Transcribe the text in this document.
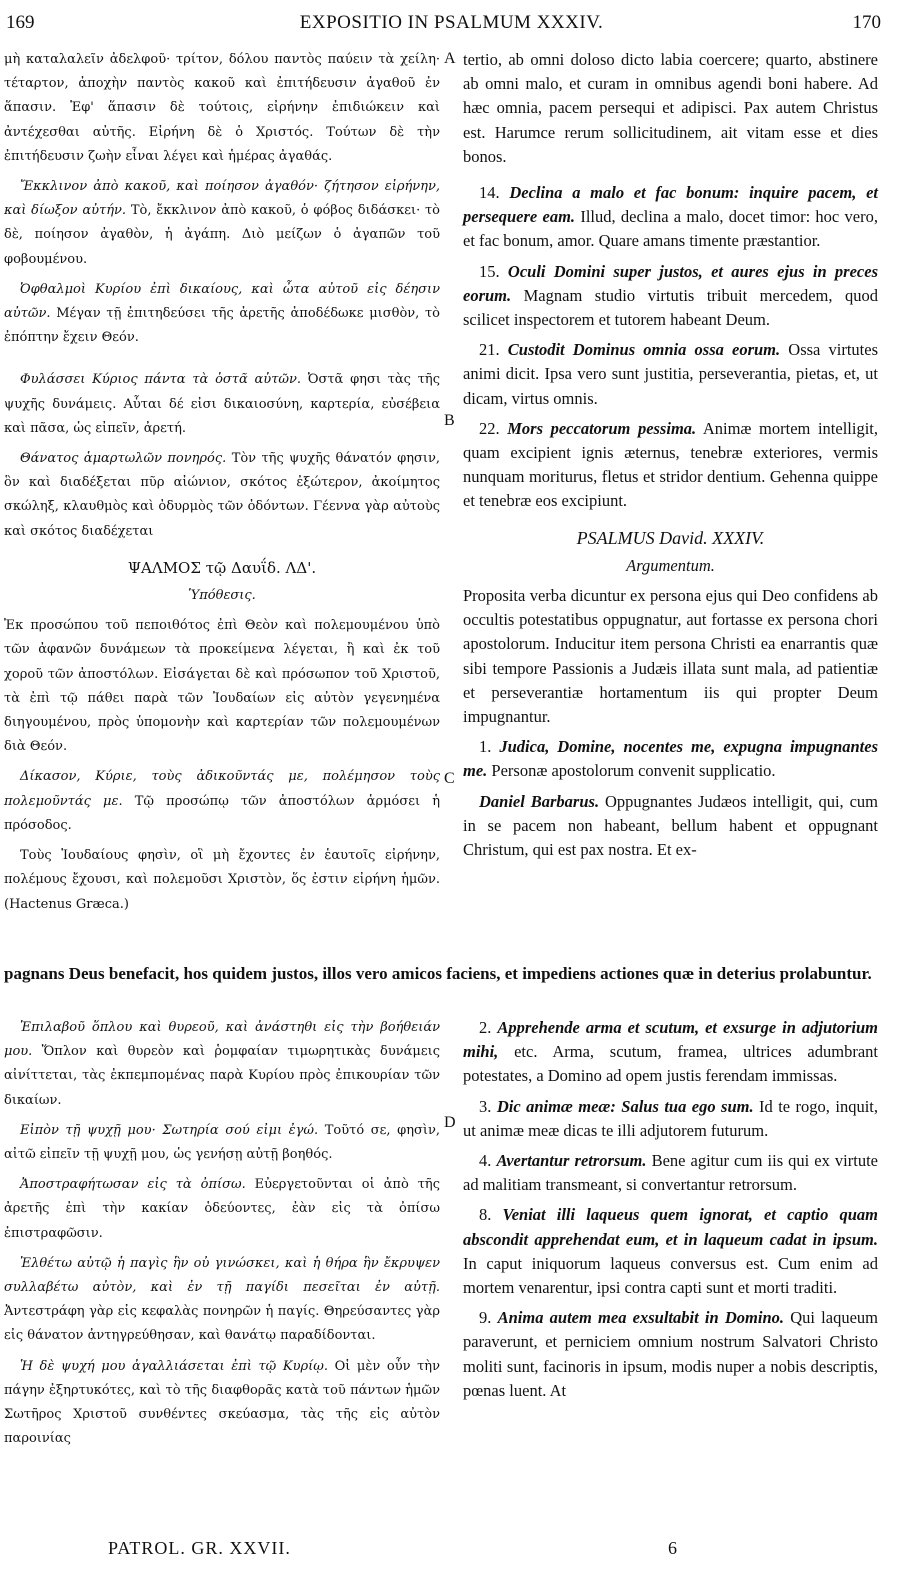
169	EXPOSITIO IN PSALMUM XXXIV.	170

μὴ καταλαλεῖν ἀδελφοῦ· τρίτον, δόλου παντὸς παύειν τὰ χείλη· τέταρτον, ἀποχὴν παντὸς κακοῦ καὶ ἐπιτήδευσιν ἀγαθοῦ ἐν ἅπασιν. Ἐφ' ἅπασιν δὲ τούτοις, εἰρήνην ἐπιδιώκειν καὶ ἀντέχεσθαι αὐτῆς. Εἰρήνη δὲ ὁ Χριστός. Τούτων δὲ τὴν ἐπιτήδευσιν ζωὴν εἶναι λέγει καὶ ἡμέρας ἀγαθάς.

Ἔκκλινον ἀπὸ κακοῦ, καὶ ποίησον ἀγαθόν· ζήτησον εἰρήνην, καὶ δίωξον αὐτήν. Τὸ, ἔκκλινον ἀπὸ κακοῦ, ὁ φόβος διδάσκει· τὸ δὲ, ποίησον ἀγαθὸν, ἡ ἀγάπη. Διὸ μείζων ὁ ἀγαπῶν τοῦ φοβουμένου.

Ὀφθαλμοὶ Κυρίου ἐπὶ δικαίους, καὶ ὦτα αὐτοῦ εἰς δέησιν αὐτῶν. Μέγαν τῇ ἐπιτηδεύσει τῆς ἀρετῆς ἀποδέδωκε μισθὸν, τὸ ἐπόπτην ἔχειν Θεόν.

Φυλάσσει Κύριος πάντα τὰ ὀστᾶ αὐτῶν. Ὀστᾶ φησι τὰς τῆς ψυχῆς δυνάμεις. Αὗται δέ εἰσι δικαιοσύνη, καρτερία, εὐσέβεια καὶ πᾶσα, ὡς εἰπεῖν, ἀρετή.

Θάνατος ἁμαρτωλῶν πονηρός. Τὸν τῆς ψυχῆς θάνατόν φησιν, ὃν καὶ διαδέξεται πῦρ αἰώνιον, σκότος ἐξώτερον, ἀκοίμητος σκώληξ, κλαυθμὸς καὶ ὀδυρμὸς τῶν ὀδόντων. Γέεννα γὰρ αὐτοὺς καὶ σκότος διαδέχεται

ΨΑΛΜΟΣ τῷ Δαυΐδ. ΛΔ'.

Ὑπόθεσις.

Ἐκ προσώπου τοῦ πεποιθότος ἐπὶ Θεὸν καὶ πολεμουμένου ὑπὸ τῶν ἀφανῶν δυνάμεων τὰ προκείμενα λέγεται, ἢ καὶ ἐκ τοῦ χοροῦ τῶν ἀποστόλων. Εἰσάγεται δὲ καὶ πρόσωπον τοῦ Χριστοῦ, τὰ ἐπὶ τῷ πάθει παρὰ τῶν Ἰουδαίων εἰς αὐτὸν γεγενημένα διηγουμένου, πρὸς ὑπομονὴν καὶ καρτερίαν τῶν πολεμουμένων διὰ Θεόν.

Δίκασον, Κύριε, τοὺς ἀδικοῦντάς με, πολέμησον τοὺς πολεμοῦντάς με. Τῷ προσώπῳ τῶν ἀποστόλων ἁρμόσει ἡ πρόσοδος.

Τοὺς Ἰουδαίους φησὶν, οἳ μὴ ἔχοντες ἐν ἑαυτοῖς εἰρήνην, πολέμους ἔχουσι, καὶ πολεμοῦσι Χριστὸν, ὅς ἐστιν εἰρήνη ἡμῶν. (Hactenus Græca.)

tertio, ab omni doloso dicto labia coercere; quarto, abstinere ab omni malo, et curam in omnibus agendi boni habere. Ad hæc omnia, pacem persequi et adipisci. Pax autem Christus est. Harumce rerum sollicitudinem, ait vitam esse et dies bonos.

14. Declina a malo et fac bonum: inquire pacem, et persequere eam. Illud, declina a malo, docet timor: hoc vero, et fac bonum, amor. Quare amans timente præstantior.

15. Oculi Domini super justos, et aures ejus in preces eorum. Magnam studio virtutis tribuit mercedem, quod scilicet inspectorem et tutorem habeant Deum.

21. Custodit Dominus omnia ossa eorum. Ossa virtutes animi dicit. Ipsa vero sunt justitia, perseverantia, pietas, et, ut dicam, virtus omnis.

22. Mors peccatorum pessima. Animæ mortem intelligit, quam excipient ignis æternus, tenebræ exteriores, vermis nunquam moriturus, fletus et stridor dentium. Gehenna quippe et tenebræ eos excipiunt.

PSALMUS David. XXXIV.

Argumentum.

Proposita verba dicuntur ex persona ejus qui Deo confidens ab occultis potestatibus oppugnatur, aut fortasse ex persona chori apostolorum. Inducitur item persona Christi ea enarrantis quæ sibi tempore Passionis a Judæis illata sunt mala, ad patientiæ et perseverantiæ hortamentum iis qui propter Deum impugnantur.

1. Judica, Domine, nocentes me, expugna impugnantes me. Personæ apostolorum convenit supplicatio.

Daniel Barbarus. Oppugnantes Judæos intelligit, qui, cum in se pacem non habeant, bellum habent et oppugnant Christum, qui est pax nostra. Et ex-

pagnans Deus benefacit, hos quidem justos, illos vero amicos faciens, et impediens actiones quæ in deterius prolabuntur.

Ἐπιλαβοῦ ὅπλου καὶ θυρεοῦ, καὶ ἀνάστηθι εἰς τὴν βοήθειάν μου. Ὅπλον καὶ θυρεὸν καὶ ῥομφαίαν τιμωρητικὰς δυνάμεις αἰνίττεται, τὰς ἐκπεμπομένας παρὰ Κυρίου πρὸς ἐπικουρίαν τῶν δικαίων.

Εἰπὸν τῇ ψυχῇ μου· Σωτηρία σού εἰμι ἐγώ. Τοῦτό σε, φησὶν, αἰτῶ εἰπεῖν τῇ ψυχῇ μου, ὡς γενήσῃ αὐτῇ βοηθός.

Ἀποστραφήτωσαν εἰς τὰ ὀπίσω. Εὐεργετοῦνται οἱ ἀπὸ τῆς ἀρετῆς ἐπὶ τὴν κακίαν ὁδεύοντες, ἐὰν εἰς τὰ ὀπίσω ἐπιστραφῶσιν.

Ἐλθέτω αὐτῷ ἡ παγὶς ἣν οὐ γινώσκει, καὶ ἡ θήρα ἣν ἔκρυψεν συλλαβέτω αὐτὸν, καὶ ἐν τῇ παγίδι πεσεῖται ἐν αὐτῇ. Ἀντεστράφη γὰρ εἰς κεφαλὰς πονηρῶν ἡ παγίς. Θηρεύσαντες γὰρ εἰς θάνατον ἀντηγρεύθησαν, καὶ θανάτῳ παραδίδονται.

Ἡ δὲ ψυχή μου ἀγαλλιάσεται ἐπὶ τῷ Κυρίῳ. Οἱ μὲν οὖν τὴν πάγην ἐξηρτυκότες, καὶ τὸ τῆς διαφθορᾶς κατὰ τοῦ πάντων ἡμῶν Σωτῆρος Χριστοῦ συνθέντες σκεύασμα, τὰς τῆς εἰς αὐτὸν παροινίας

2. Apprehende arma et scutum, et exsurge in adjutorium mihi, etc. Arma, scutum, framea, ultrices adumbrant potestates, a Domino ad opem justis ferendam immissas.

3. Dic animæ meæ: Salus tua ego sum. Id te rogo, inquit, ut animæ meæ dicas te illi adjutorem futurum.

4. Avertantur retrorsum. Bene agitur cum iis qui ex virtute ad malitiam transmeant, si convertantur retrorsum.

8. Veniat illi laqueus quem ignorat, et captio quam abscondit apprehendat eum, et in laqueum cadat in ipsum. In caput iniquorum laqueus conversus est. Cum enim ad mortem venarentur, ipsi contra capti sunt et morti traditi.

9. Anima autem mea exsultabit in Domino. Qui laqueum paraverunt, et perniciem omnium nostrum Salvatori Christo moliti sunt, facinoris in ipsum, modis nuper a nobis descriptis, pœnas luent. At

A
B
C
D
PATROL. GR. XXVII.	6
